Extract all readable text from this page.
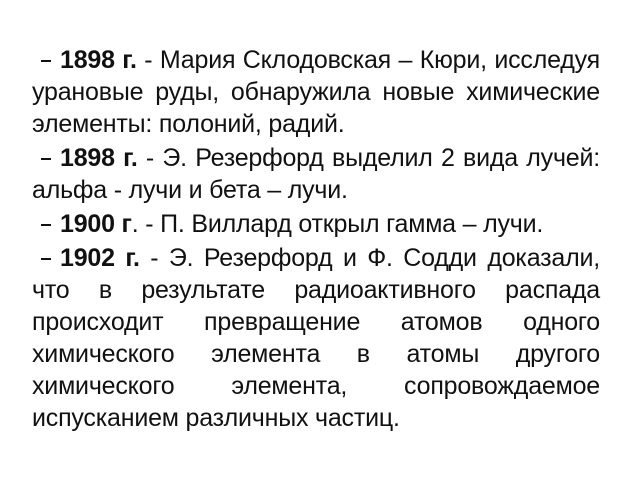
1898 г. - Мария Склодовская – Кюри, исследуя урановые руды, обнаружила новые химические элементы: полоний, радий.
1898 г. - Э. Резерфорд выделил 2 вида лучей: альфа - лучи и бета – лучи.
1900 г. - П. Виллард открыл гамма – лучи.
1902 г. - Э. Резерфорд и Ф. Содди доказали, что в результате радиоактивного распада происходит превращение атомов одного химического элемента в атомы другого химического элемента, сопровождаемое испусканием различных частиц.
